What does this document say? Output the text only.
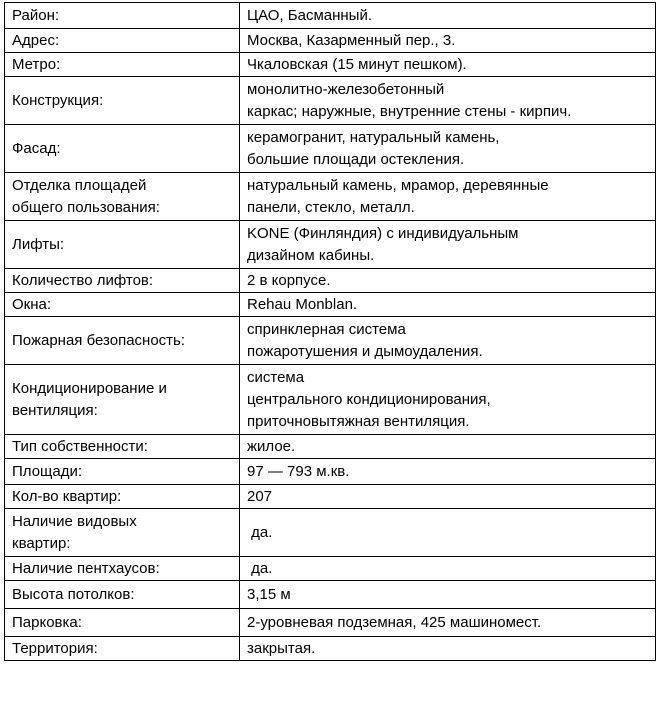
Район:	ЦАО, Басманный.

Адрес:	Москва, Казарменный пер., 3.

Метро:	Чкаловская (15 минут пешком).

Конструкция:	монолитно-железобетонный
каркас; наружные, внутренние стены - кирпич.

Фасад:	керамогранит, натуральный камень,
большие площади остекления.

Отделка площадей
общего пользования:	натуральный камень, мрамор, деревянные
панели, стекло, металл.

Лифты:	KONE (Финляндия) с индивидуальным
дизайном кабины.

Количество лифтов:	2 в корпусе.

Окна:	Rehau Monblan.

Пожарная безопасность:	спринклерная система
пожаротушения и дымоудаления.

Кондиционирование и
вентиляция:	система
центрального кондиционирования,
приточновытяжная вентиляция.

Тип собственности:	жилое.

Площади:	97 — 793 м.кв.

Кол-во квартир:	207

Наличие видовых
квартир:	да.

Наличие пентхаусов:	да.

Высота потолков:	3,15 м

Парковка:	2-уровневая подземная, 425 машиномест.

Территория:	закрытая.
